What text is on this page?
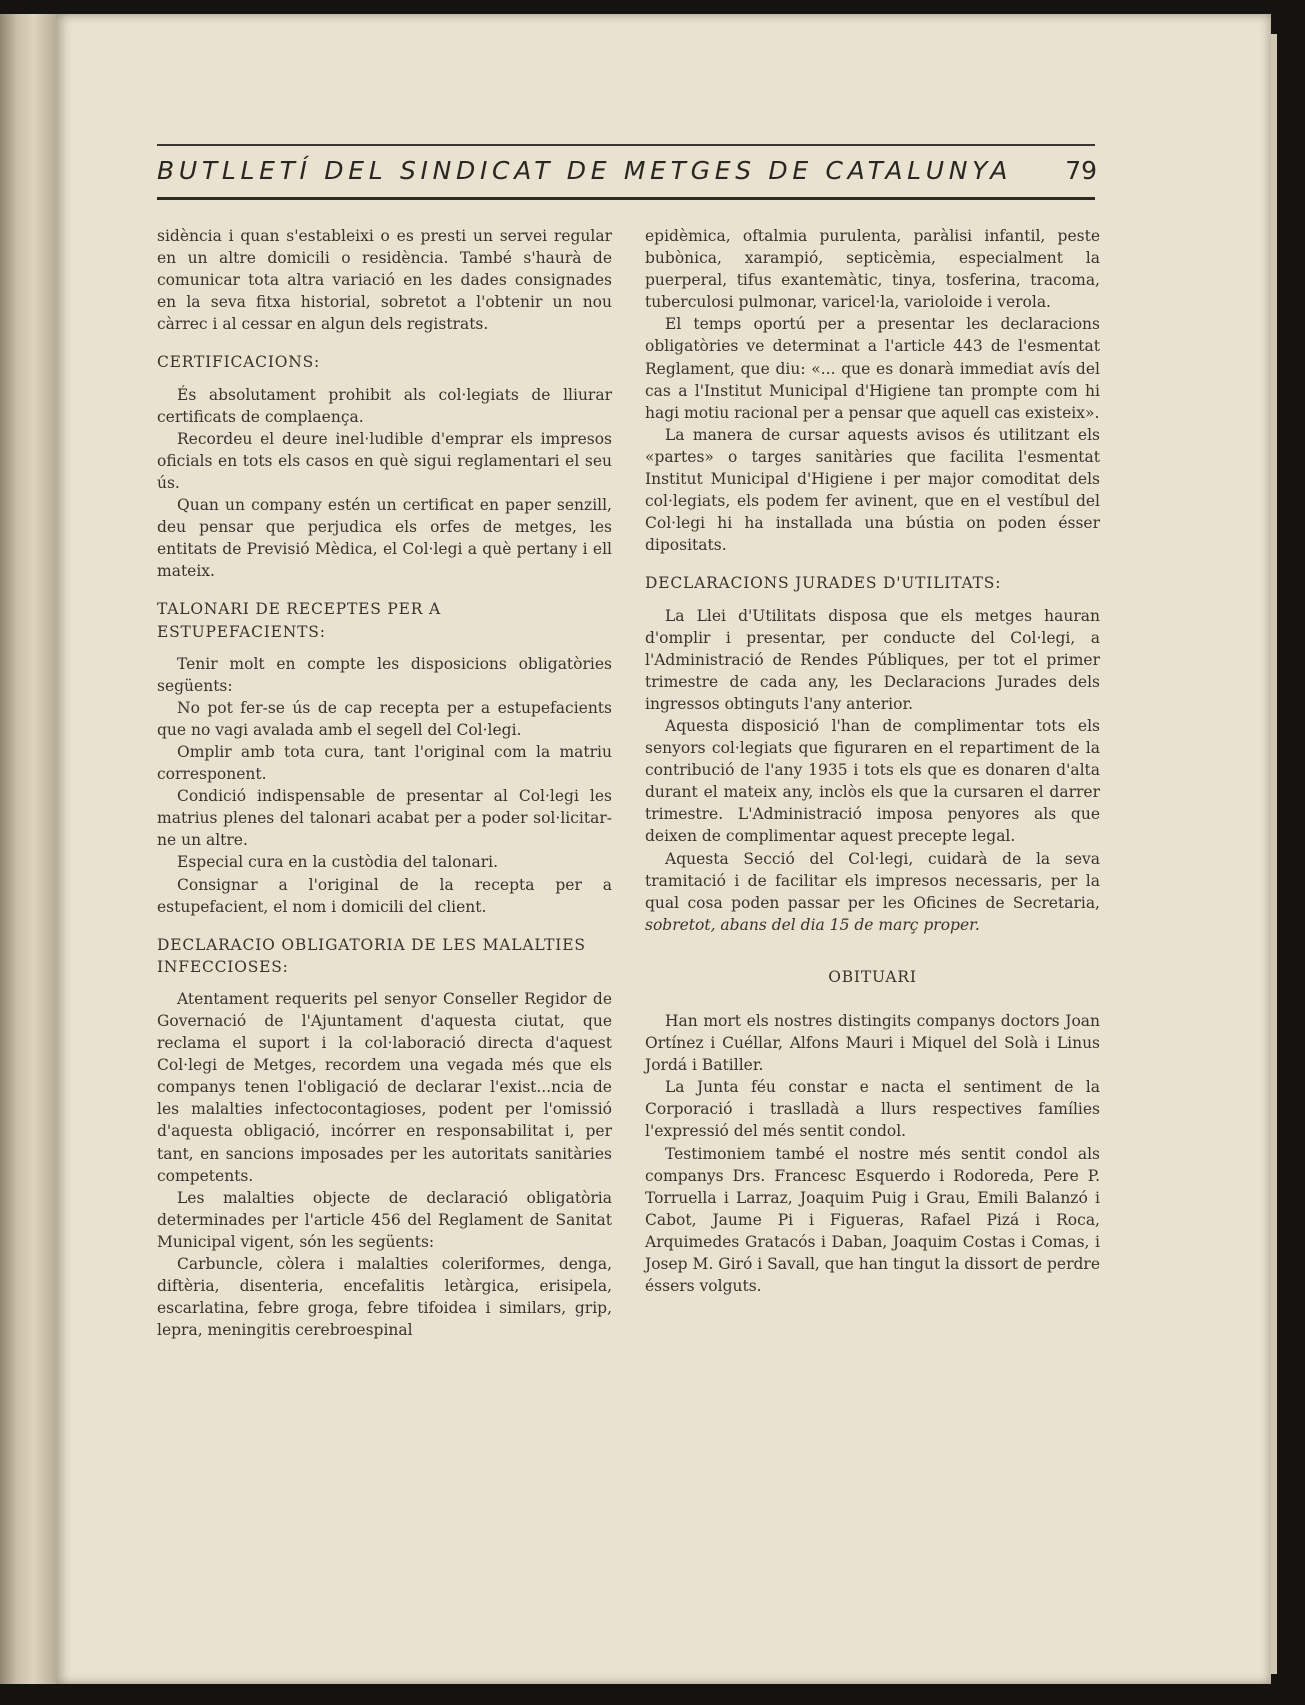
BUTLLETÍ DEL SINDICAT DE METGES DE CATALUNYA	79

sidència i quan s'estableixi o es presti un servei regular en un altre domicili o residència. També s'haurà de comunicar tota altra variació en les dades consignades en la seva fitxa historial, sobretot a l'obtenir un nou càrrec i al cessar en algun dels registrats.

CERTIFICACIONS:

És absolutament prohibit als col·legiats de lliurar certificats de complaença.

Recordeu el deure inel·ludible d'emprar els impresos oficials en tots els casos en què sigui reglamentari el seu ús.

Quan un company estén un certificat en paper senzill, deu pensar que perjudica els orfes de metges, les entitats de Previsió Mèdica, el Col·legi a què pertany i ell mateix.

TALONARI DE RECEPTES PER A ESTUPEFACIENTS:

Tenir molt en compte les disposicions obligatòries següents:

No pot fer-se ús de cap recepta per a estupefacients que no vagi avalada amb el segell del Col·legi.

Omplir amb tota cura, tant l'original com la matriu corresponent.

Condició indispensable de presentar al Col·legi les matrius plenes del talonari acabat per a poder sol·licitar-ne un altre.

Especial cura en la custòdia del talonari.

Consignar a l'original de la recepta per a estupefacient, el nom i domicili del client.

DECLARACIO OBLIGATORIA DE LES MALALTIES INFECCIOSES:

Atentament requerits pel senyor Conseller Regidor de Governació de l'Ajuntament d'aquesta ciutat, que reclama el suport i la col·laboració directa d'aquest Col·legi de Metges, recordem una vegada més que els companys tenen l'obligació de declarar l'exist...ncia de les malalties infectocontagioses, podent per l'omissió d'aquesta obligació, incórrer en responsabilitat i, per tant, en sancions imposades per les autoritats sanitàries competents.

Les malalties objecte de declaració obligatòria determinades per l'article 456 del Reglament de Sanitat Municipal vigent, són les següents:

Carbuncle, còlera i malalties coleriformes, denga, diftèria, disenteria, encefalitis letàrgica, erisipela, escarlatina, febre groga, febre tifoidea i similars, grip, lepra, meningitis cerebroespinal

epidèmica, oftalmia purulenta, paràlisi infantil, peste bubònica, xarampió, septicèmia, especialment la puerperal, tifus exantemàtic, tinya, tosferina, tracoma, tuberculosi pulmonar, varicel·la, varioloide i verola.

El temps oportú per a presentar les declaracions obligatòries ve determinat a l'article 443 de l'esmentat Reglament, que diu: «... que es donarà immediat avís del cas a l'Institut Municipal d'Higiene tan prompte com hi hagi motiu racional per a pensar que aquell cas existeix».

La manera de cursar aquests avisos és utilitzant els «partes» o targes sanitàries que facilita l'esmentat Institut Municipal d'Higiene i per major comoditat dels col·legiats, els podem fer avinent, que en el vestíbul del Col·legi hi ha installada una bústia on poden ésser dipositats.

DECLARACIONS JURADES D'UTILITATS:

La Llei d'Utilitats disposa que els metges hauran d'omplir i presentar, per conducte del Col·legi, a l'Administració de Rendes Públiques, per tot el primer trimestre de cada any, les Declaracions Jurades dels ingressos obtinguts l'any anterior.

Aquesta disposició l'han de complimentar tots els senyors col·legiats que figuraren en el repartiment de la contribució de l'any 1935 i tots els que es donaren d'alta durant el mateix any, inclòs els que la cursaren el darrer trimestre. L'Administració imposa penyores als que deixen de complimentar aquest precepte legal.

Aquesta Secció del Col·legi, cuidarà de la seva tramitació i de facilitar els impresos necessaris, per la qual cosa poden passar per les Oficines de Secretaria, sobretot, abans del dia 15 de març proper.

OBITUARI

Han mort els nostres distingits companys doctors Joan Ortínez i Cuéllar, Alfons Mauri i Miquel del Solà i Linus Jordá i Batiller.

La Junta féu constar e nacta el sentiment de la Corporació i traslladà a llurs respectives famílies l'expressió del més sentit condol.

Testimoniem també el nostre més sentit condol als companys Drs. Francesc Esquerdo i Rodoreda, Pere P. Torruella i Larraz, Joaquim Puig i Grau, Emili Balanzó i Cabot, Jaume Pi i Figueras, Rafael Pizá i Roca, Arquimedes Gratacós i Daban, Joaquim Costas i Comas, i Josep M. Giró i Savall, que han tingut la dissort de perdre éssers volguts.
